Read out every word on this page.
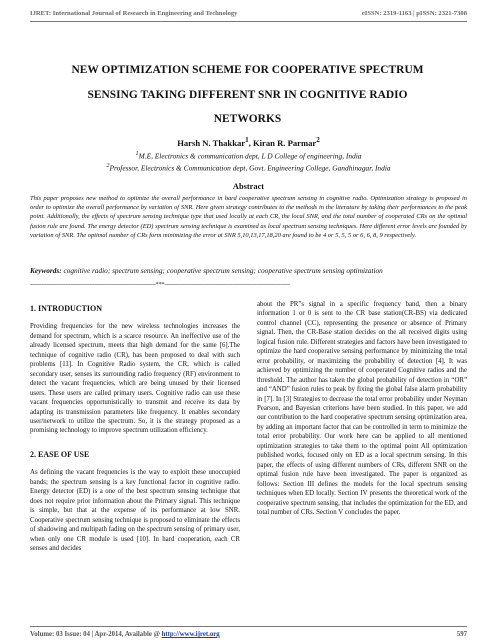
IJRET: International Journal of Research in Engineering and Technology	eISSN: 2319-1163 | pISSN: 2321-7308
NEW OPTIMIZATION SCHEME FOR COOPERATIVE SPECTRUM
SENSING TAKING DIFFERENT SNR IN COGNITIVE RADIO
NETWORKS
Harsh N. Thakkar$^1$, Kiran R. Parmar$^2$
$^1$M.E, Electronics & communication dept, L D College of engineering, India
$^2$Professor, Electronics & Communication dept, Govt. Engineering College, Gandhinagar, India
Abstract
This paper proposes new method to optimize the overall performance in hard cooperative spectrum sensing in cognitive radio. Optimization strategy is proposed in order to optimize the overall performance by variation of SNR. Here given strategy contributes to the methods in the literature by taking their performances to the peak point. Additionally, the effects of spectrum sensing technique type that used locally at each CR, the local SNR, and the total number of cooperated CRs on the optimal fusion rule are found. The energy detector (ED) spectrum sensing technique is examined as local spectrum sensing techniques. Here different error levels are founded by variation of SNR. The optimal number of CRs form minimizing the error at SNR 5,10,13,17,18,20 are found to be 4 or 5, 5, 5 or 6, 6, 8, 9 respectively.
Keywords: cognitive radio; spectrum sensing; cooperative spectrum sensing; cooperative spectrum sensing optimization
--------------------------------------------------------------------***--------------------------------------------------------------------
1. INTRODUCTION

Providing frequencies for the new wireless technologies increases the demand for spectrum, which is a scarce resource. An ineffective use of the already licensed spectrum, meets that high demand for the same [6].The technique of cognitive radio (CR), has been proposed to deal with such problems [11]. In Cognitive Radio system, the CR, which is called secondary user, senses its surrounding radio frequency (RF) environment to detect the vacant frequencies, which are being unused by their licensed users. These users are called primary users. Cognitive radio can use these vacant frequencies opportunistically to transmit and receive its data by adapting its transmission parameters like frequency. It enables secondary user/network to utilize the spectrum. So, it is the strategy proposed as a promising technology to improve spectrum utilization efficiency.

2. EASE OF USE

As defining the vacant frequencies is the way to exploit these unoccupied bands; the spectrum sensing is a key functional factor in cognitive radio. Energy detector (ED) is a one of the best spectrum sensing technique that does not require prior information about the Primary signal. This technique is simple, but that at the expense of its performance at low SNR. Cooperative spectrum sensing technique is proposed to eliminate the effects of shadowing and multipath fading on the spectrum sensing of primary user, when only one CR module is used [10]. In hard cooperation, each CR senses and decides

about the PR”s signal in a specific frequency band, then a binary information 1 or 0 is sent to the CR base station(CR-BS) via dedicated control channel (CC), representing the presence or absence of Primary signal. Then, the CR-Base station decides on the all received digits using logical fusion rule. Different strategies and factors have been investigated to optimize the hard cooperative sensing performance by minimizing the total error probability, or maximizing the probability of detection [4]. It was achieved by optimizing the number of cooperated Cognitive radios and the threshold. The author has taken the global probability of detection in “OR” and “AND” fusion rules to peak by fixing the global false alarm probability in [7]. In [3] Strategies to decrease the total error probability under Neyman Pearson, and Bayesian criterions have been studied. In this paper, we add our contribution to the hard cooperative spectrum sensing optimization area, by adding an important factor that can be controlled in term to minimize the total error probability. Our work here can be applied to all mentioned optimization strategies to take them to the optimal point All optimization published works, focused only on ED as a local spectrum sensing. In this paper, the effects of using different numbers of CRs, different SNR on the optimal fusion rule have been investigated. The paper is organized as follows: Section III defines the models for the local spectrum sensing techniques when ED locally. Section IV presents the theoretical work of the cooperative spectrum sensing, that includes the optimization for the ED, and total number of CRs. Section V concludes the paper.

Volume: 03 Issue: 04 | Apr-2014, Available @ http://www.ijret.org	597
